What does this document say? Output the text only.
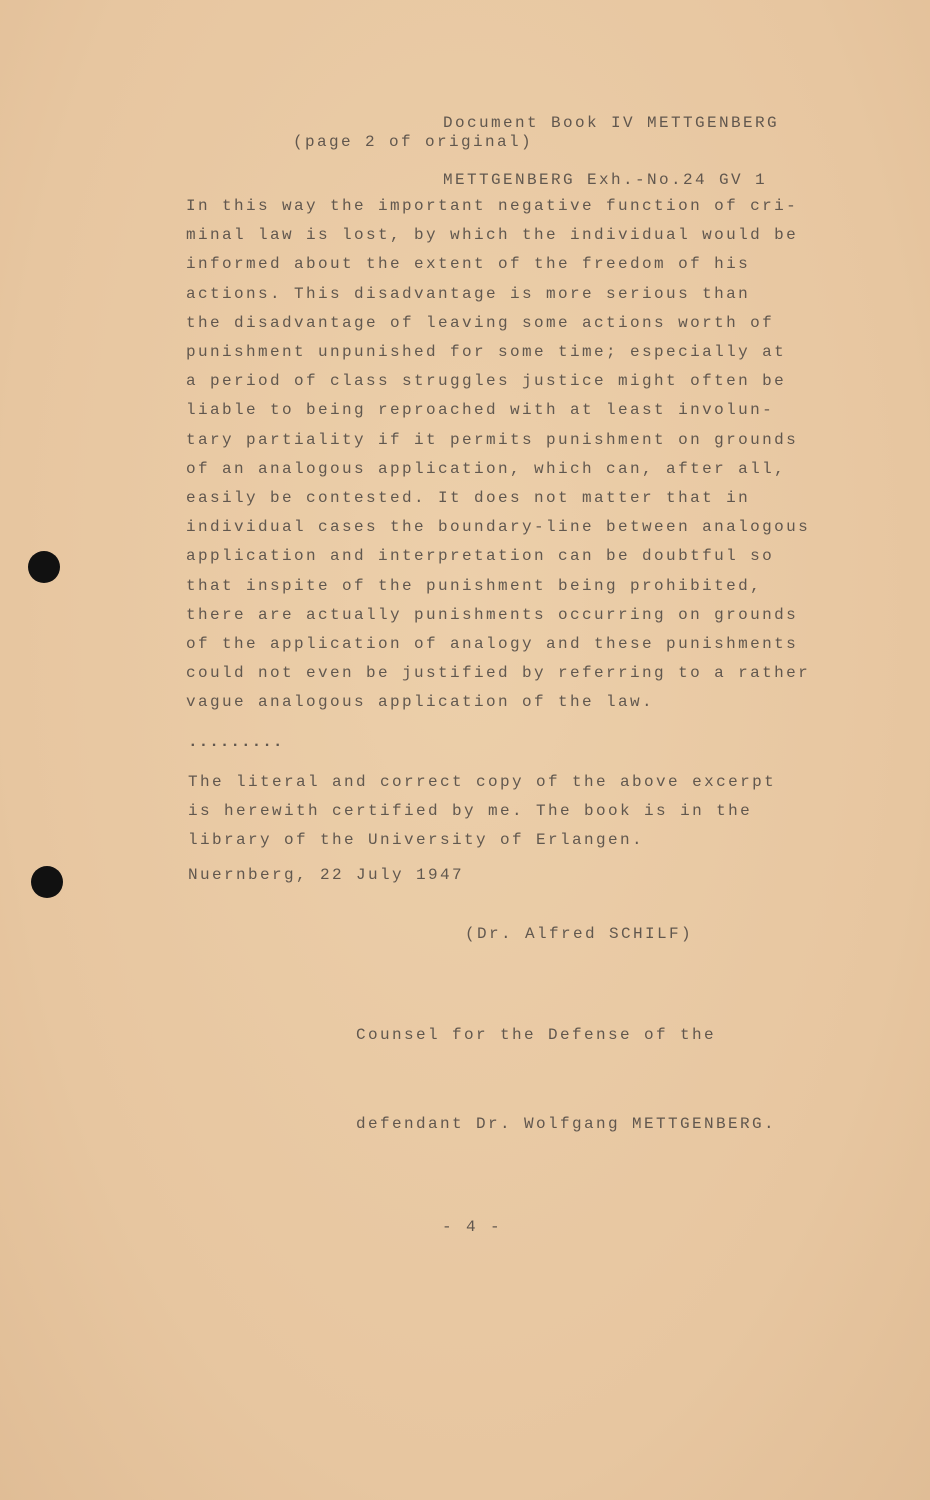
Document Book IV METTGENBERG

METTGENBERG Exh.-No.24 GV 1

(page 2 of original)
In this way the important negative function of cri-
minal law is lost, by which the individual would be
informed about the extent of the freedom of his
actions. This disadvantage is more serious than
the disadvantage of leaving some actions worth of
punishment unpunished for some time; especially at
a period of class struggles justice might often be
liable to being reproached with at least involun-
tary partiality if it permits punishment on grounds
of an analogous application, which can, after all,
easily be contested. It does not matter that in
individual cases the boundary-line between analogous
application and interpretation can be doubtful so
that inspite of the punishment being prohibited,
there are actually punishments occurring on grounds
of the application of analogy and these punishments
could not even be justified by referring to a rather
vague analogous application of the law.
.........
The literal and correct copy of the above excerpt
is herewith certified by me. The book is in the
library of the University of Erlangen.
Nuernberg, 22 July 1947
(Dr. Alfred SCHILF)

Counsel for the Defense of the

defendant Dr. Wolfgang METTGENBERG.

- 4 -
